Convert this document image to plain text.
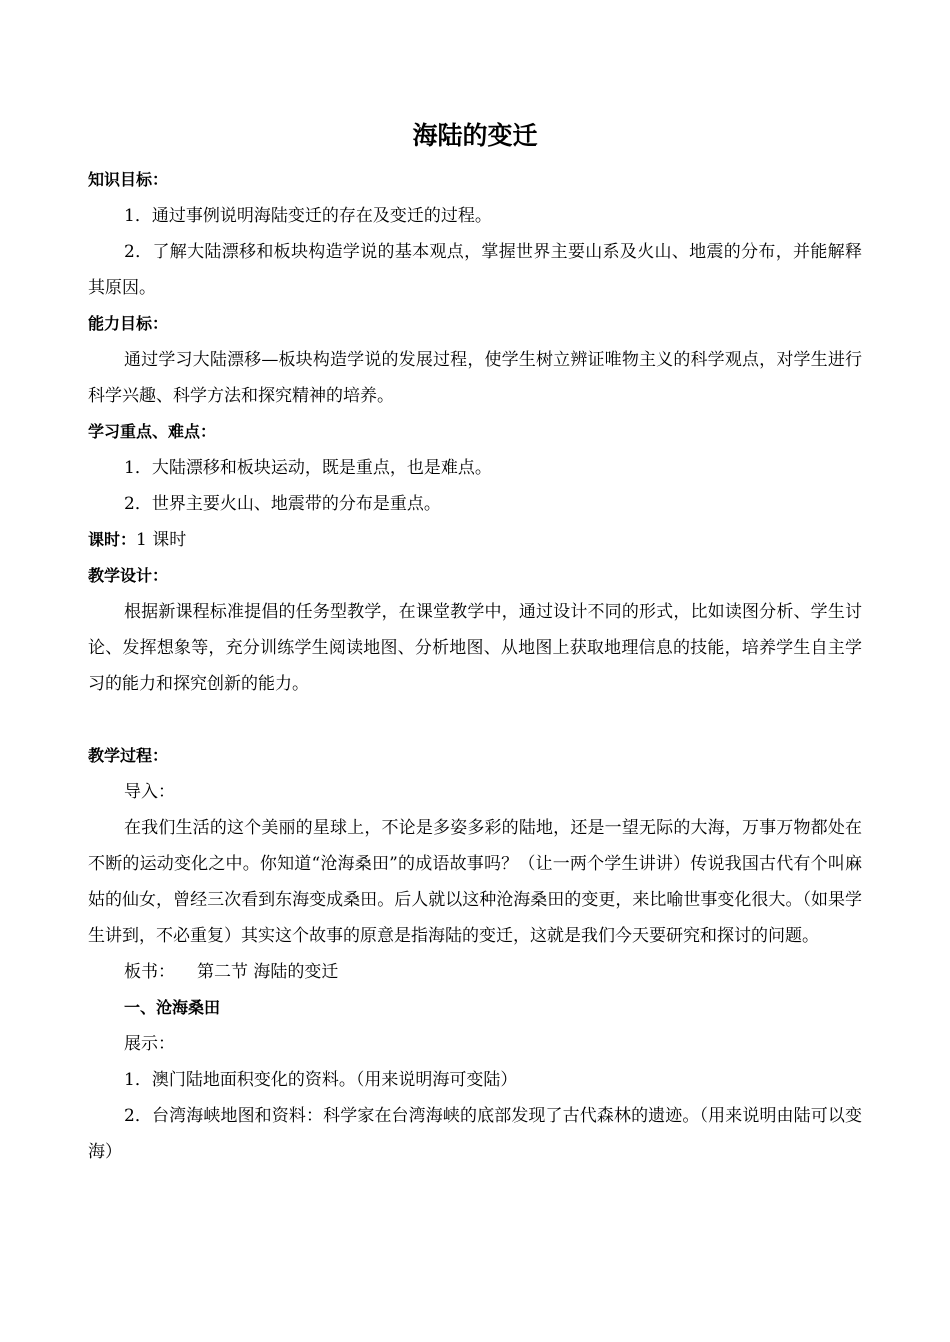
海陆的变迁

知识目标：

1．通过事例说明海陆变迁的存在及变迁的过程。

2．了解大陆漂移和板块构造学说的基本观点，掌握世界主要山系及火山、地震的分布，并能解释其原因。

能力目标：

通过学习大陆漂移—板块构造学说的发展过程，使学生树立辨证唯物主义的科学观点，对学生进行科学兴趣、科学方法和探究精神的培养。

学习重点、难点：

1．大陆漂移和板块运动，既是重点，也是难点。

2．世界主要火山、地震带的分布是重点。

课时：1 课时

教学设计：

根据新课程标准提倡的任务型教学，在课堂教学中，通过设计不同的形式，比如读图分析、学生讨论、发挥想象等，充分训练学生阅读地图、分析地图、从地图上获取地理信息的技能，培养学生自主学习的能力和探究创新的能力。

教学过程：

导入：

在我们生活的这个美丽的星球上，不论是多姿多彩的陆地，还是一望无际的大海，万事万物都处在不断的运动变化之中。你知道“沧海桑田”的成语故事吗？（让一两个学生讲讲）传说我国古代有个叫麻姑的仙女，曾经三次看到东海变成桑田。后人就以这种沧海桑田的变更，来比喻世事变化很大。（如果学生讲到，不必重复）其实这个故事的原意是指海陆的变迁，这就是我们今天要研究和探讨的问题。

板书： 第二节 海陆的变迁

一、沧海桑田

展示：

1．澳门陆地面积变化的资料。（用来说明海可变陆）

2．台湾海峡地图和资料：科学家在台湾海峡的底部发现了古代森林的遗迹。（用来说明由陆可以变海）
